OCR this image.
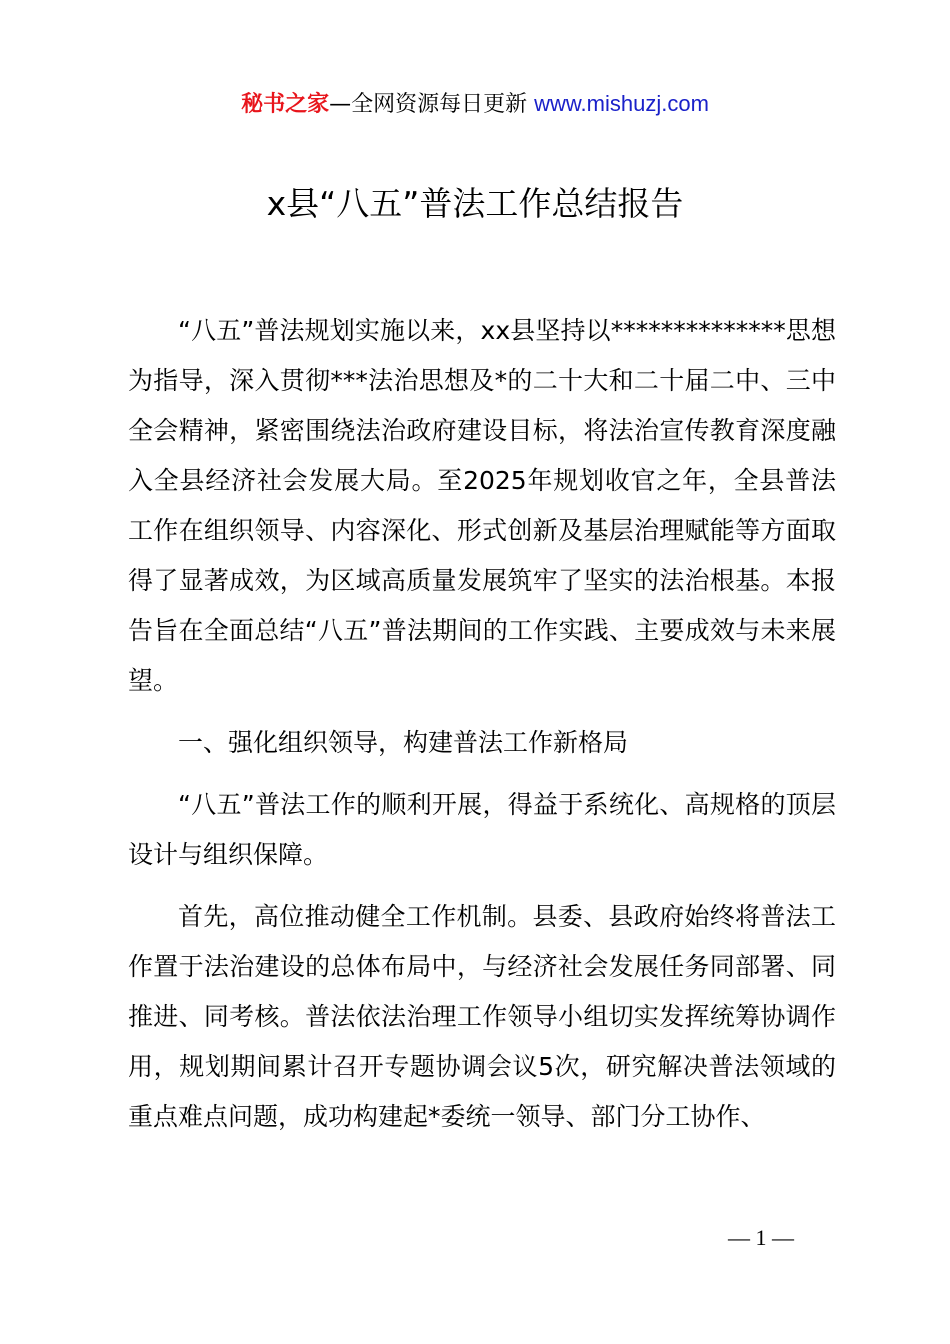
秘书之家—全网资源每日更新 www.mishuzj.com
x县“八五”普法工作总结报告

“八五”普法规划实施以来，xx县坚持以**************思想为指导，深入贯彻***法治思想及*的二十大和二十届二中、三中全会精神，紧密围绕法治政府建设目标，将法治宣传教育深度融入全县经济社会发展大局。至2025年规划收官之年，全县普法工作在组织领导、内容深化、形式创新及基层治理赋能等方面取得了显著成效，为区域高质量发展筑牢了坚实的法治根基。本报告旨在全面总结“八五”普法期间的工作实践、主要成效与未来展望。

一、强化组织领导，构建普法工作新格局

“八五”普法工作的顺利开展，得益于系统化、高规格的顶层设计与组织保障。

首先，高位推动健全工作机制。县委、县政府始终将普法工作置于法治建设的总体布局中，与经济社会发展任务同部署、同推进、同考核。普法依法治理工作领导小组切实发挥统筹协调作用，规划期间累计召开专题协调会议5次，研究解决普法领域的重点难点问题，成功构建起*委统一领导、部门分工协作、

— 1 —
